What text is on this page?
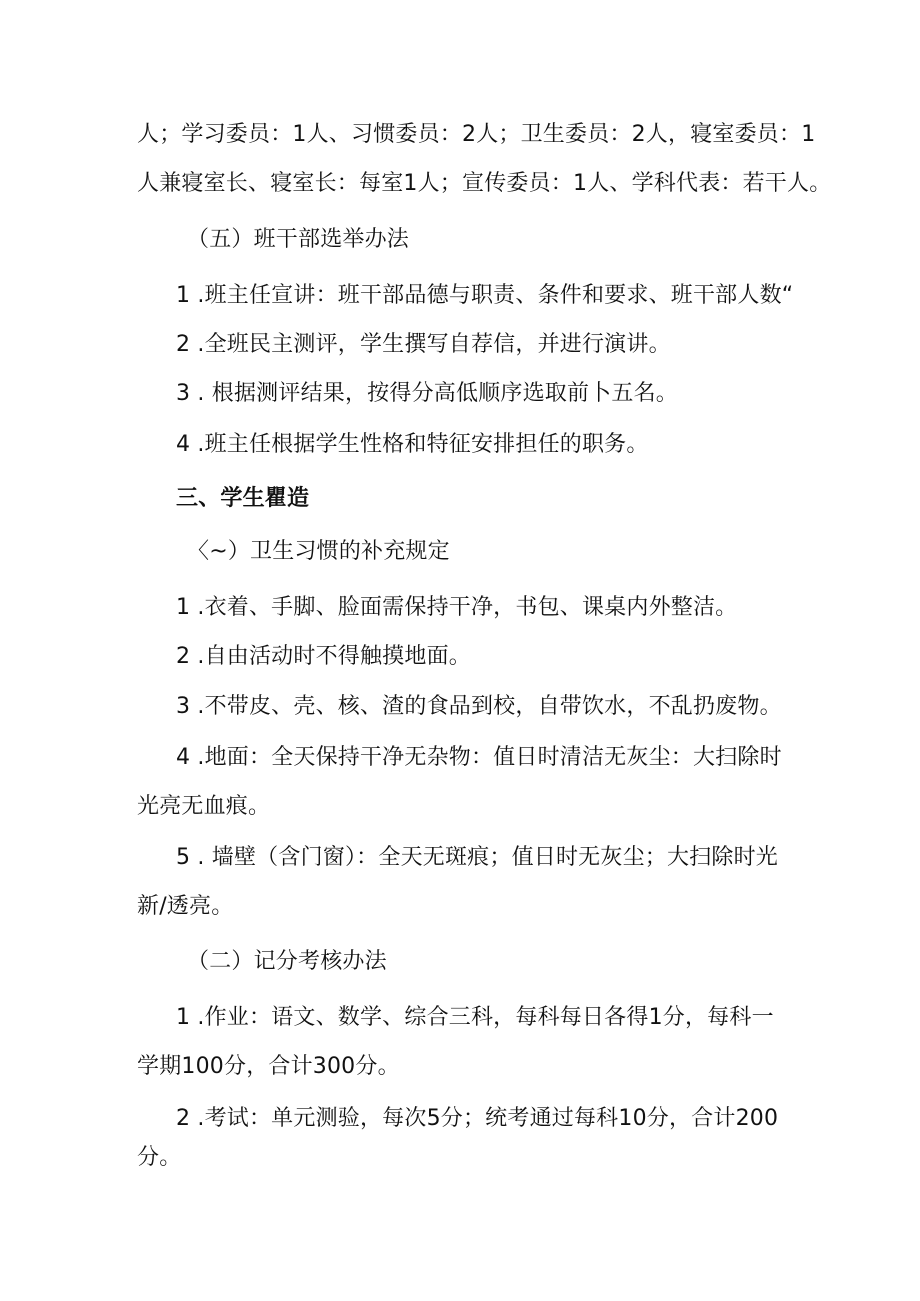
人；学习委员：1人、习惯委员：2人；卫生委员：2人，寝室委员：1
人兼寝室长、寝室长：每室1人；宣传委员：1人、学科代表：若干人。
（五）班干部选举办法
1 .班主任宣讲：班干部品德与职责、条件和要求、班干部人数“
2 .全班民主测评，学生撰写自荐信，并进行演讲。
3 . 根据测评结果，按得分高低顺序选取前卜五名。
4 .班主任根据学生性格和特征安排担任的职务。
三、学生瞿造
〈~）卫生习惯的补充规定
1 .衣着、手脚、脸面需保持干净，书包、课桌内外整洁。
2 .自由活动时不得触摸地面。
3 .不带皮、壳、核、渣的食品到校，自带饮水，不乱扔废物。
4 .地面：全天保持干净无杂物：值日时清洁无灰尘：大扫除时
光亮无血痕。
5 . 墙壁（含门窗）：全天无斑痕；值日时无灰尘；大扫除时光
新/透亮。
（二）记分考核办法
1 .作业：语文、数学、综合三科，每科每日各得1分，每科一
学期100分，合计300分。
2 .考试：单元测验，每次5分；统考通过每科10分，合计200
分。
